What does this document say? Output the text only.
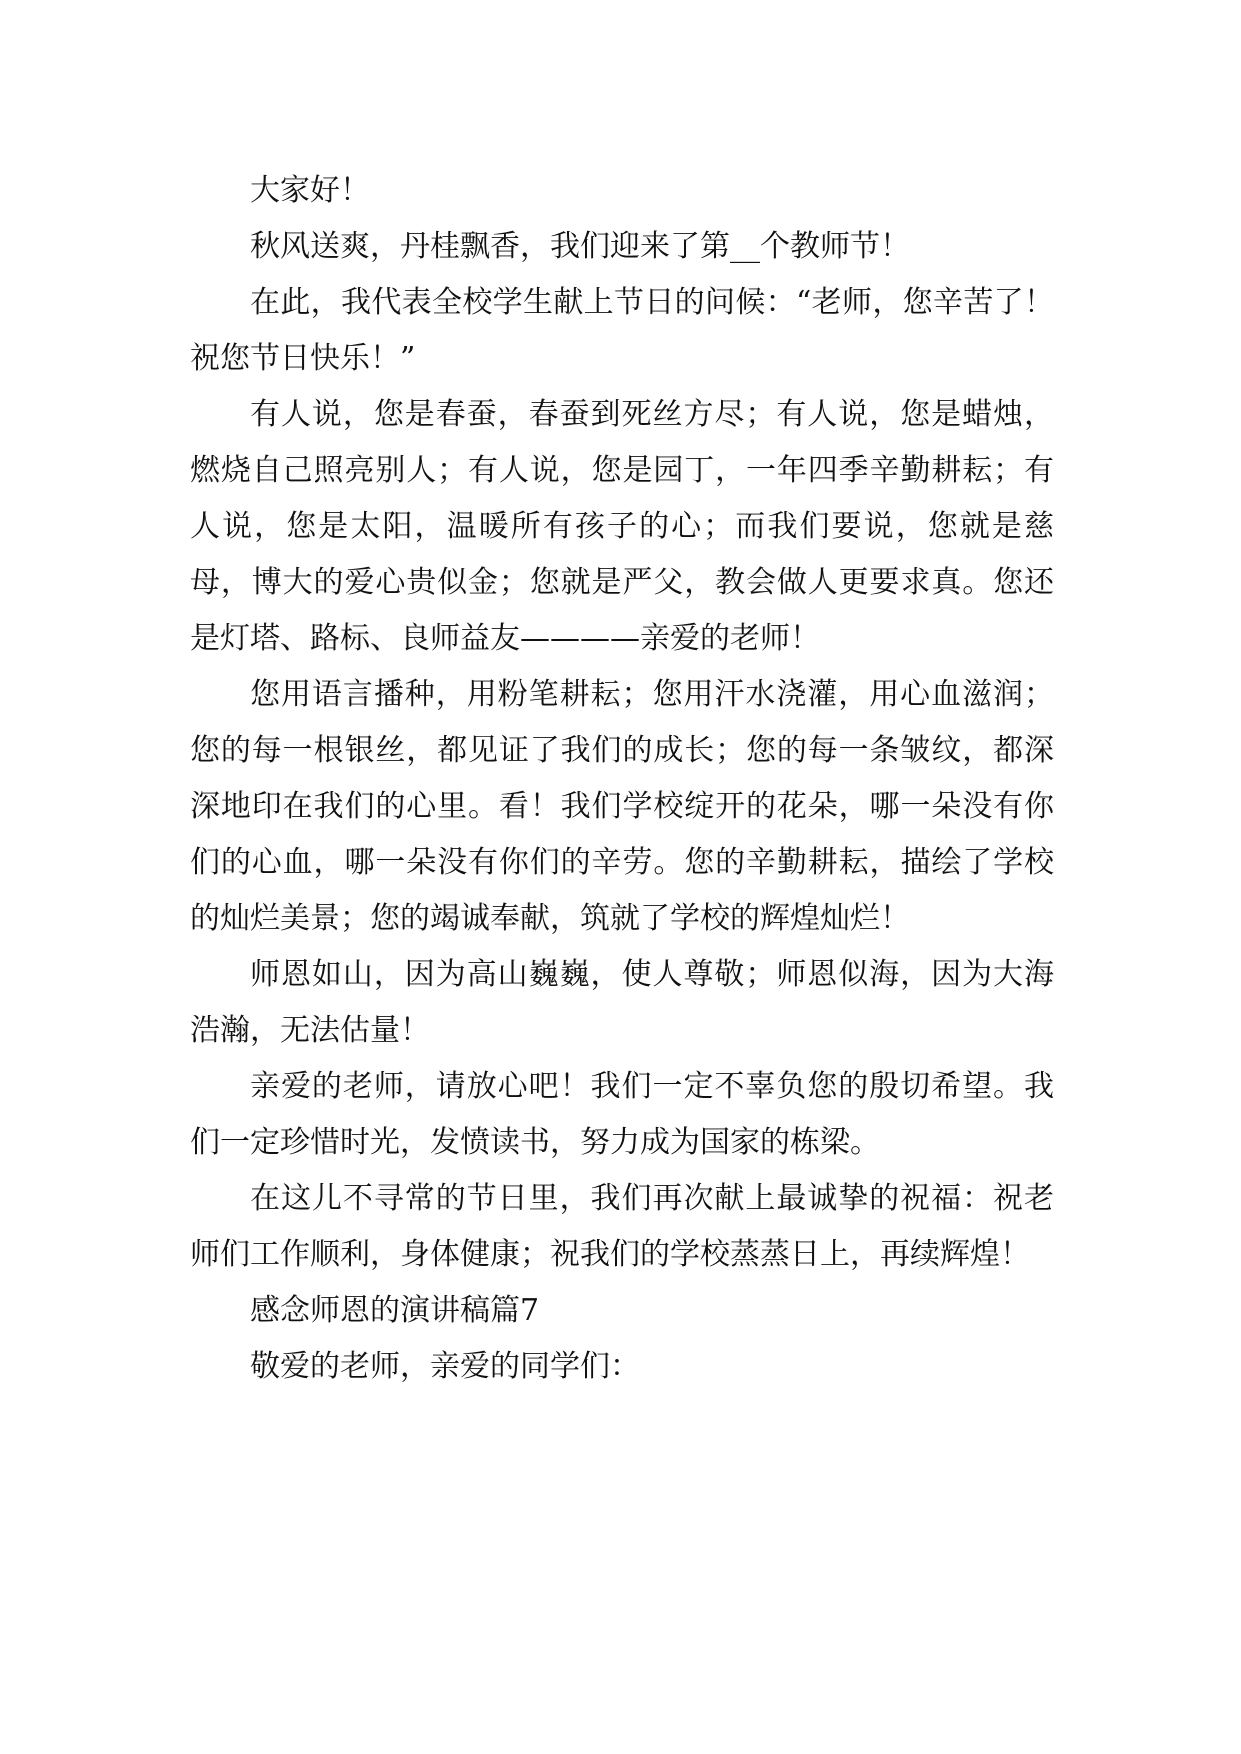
大家好！

秋风送爽，丹桂飘香，我们迎来了第__个教师节！

在此，我代表全校学生献上节日的问候：“老师，您辛苦了！祝您节日快乐！”

有人说，您是春蚕，春蚕到死丝方尽；有人说，您是蜡烛，燃烧自己照亮别人；有人说，您是园丁，一年四季辛勤耕耘；有人说，您是太阳，温暖所有孩子的心；而我们要说，您就是慈母，博大的爱心贵似金；您就是严父，教会做人更要求真。您还是灯塔、路标、良师益友————亲爱的老师！

您用语言播种，用粉笔耕耘；您用汗水浇灌，用心血滋润；您的每一根银丝，都见证了我们的成长；您的每一条皱纹，都深深地印在我们的心里。看！我们学校绽开的花朵，哪一朵没有你们的心血，哪一朵没有你们的辛劳。您的辛勤耕耘，描绘了学校的灿烂美景；您的竭诚奉献，筑就了学校的辉煌灿烂！

师恩如山，因为高山巍巍，使人尊敬；师恩似海，因为大海浩瀚，无法估量！

亲爱的老师，请放心吧！我们一定不辜负您的殷切希望。我们一定珍惜时光，发愤读书，努力成为国家的栋梁。

在这儿不寻常的节日里，我们再次献上最诚挚的祝福：祝老师们工作顺利，身体健康；祝我们的学校蒸蒸日上，再续辉煌！

感念师恩的演讲稿篇7

敬爱的老师，亲爱的同学们：
